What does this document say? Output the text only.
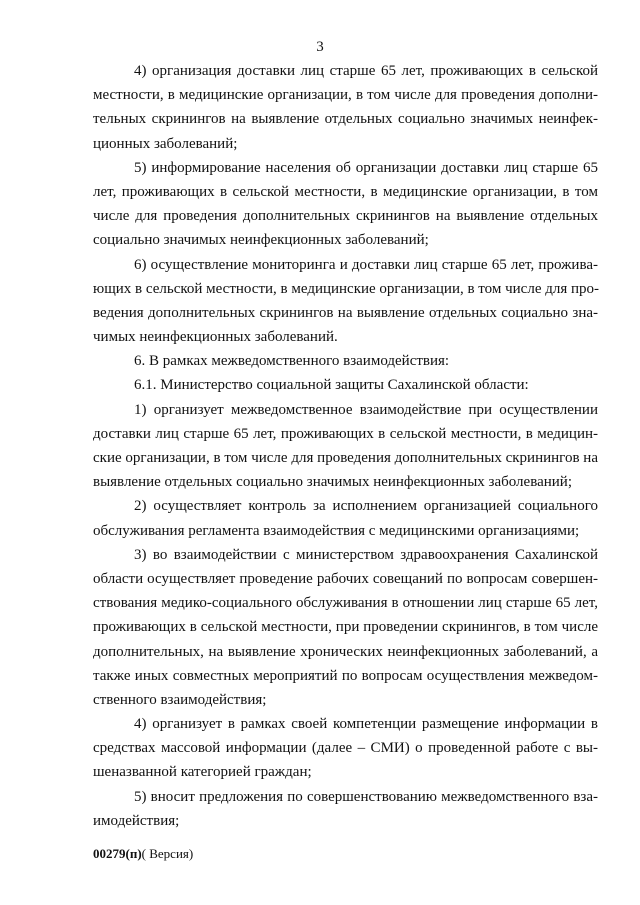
3
4) организация доставки лиц старше 65 лет, проживающих в сельской
местности, в медицинские организации, в том числе для проведения дополни-
тельных скринингов на выявление отдельных социально значимых неинфек-
ционных заболеваний;
5) информирование населения об организации доставки лиц старше 65
лет, проживающих в сельской местности, в медицинские организации, в том
числе для проведения дополнительных скринингов на выявление отдельных
социально значимых неинфекционных заболеваний;
6) осуществление мониторинга и доставки лиц старше 65 лет, прожива-
ющих в сельской местности, в медицинские организации, в том числе для про-
ведения дополнительных скринингов на выявление отдельных социально зна-
чимых неинфекционных заболеваний.
6. В рамках межведомственного взаимодействия:
6.1. Министерство социальной защиты Сахалинской области:
1) организует межведомственное взаимодействие при осуществлении
доставки лиц старше 65 лет, проживающих в сельской местности, в медицин-
ские организации, в том числе для проведения дополнительных скринингов на
выявление отдельных социально значимых неинфекционных заболеваний;
2) осуществляет контроль за исполнением организацией социального
обслуживания регламента взаимодействия с медицинскими организациями;
3) во взаимодействии с министерством здравоохранения Сахалинской
области осуществляет проведение рабочих совещаний по вопросам совершен-
ствования медико-социального обслуживания в отношении лиц старше 65 лет,
проживающих в сельской местности, при проведении скринингов, в том числе
дополнительных, на выявление хронических неинфекционных заболеваний, а
также иных совместных мероприятий по вопросам осуществления межведом-
ственного взаимодействия;
4) организует в рамках своей компетенции размещение информации в
средствах массовой информации (далее – СМИ) о проведенной работе с вы-
шеназванной категорией граждан;
5) вносит предложения по совершенствованию межведомственного вза-
имодействия;
00279(п)( Версия)
